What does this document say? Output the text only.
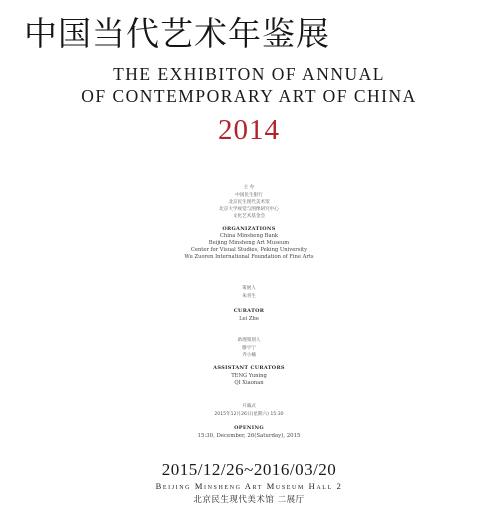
中国当代艺术年鉴展
THE EXHIBITON OF ANNUAL
OF CONTEMPORARY ART OF CHINA
2014
主 办
中国民生银行
北京民生现代美术馆
北京大学视觉与图像研究中心
文化艺术基金会
ORGANIZATIONS
China Minsheng Bank
Beijing Minsheng Art Museum
Center for Visual Studies, Peking University
Wu Zuoren International Foundation of Fine Arts
策展人
朱青生
CURATOR
Lei Zhe
助理策划人
滕宇宁
齐小楠
ASSISTANT CURATORS
TENG Yuning
QI Xiaonan
开幕式
2015年12月26日(星期六) 15:30
OPENING
15:30, December, 26(Saturday), 2015
2015/12/26~2016/03/20
Beijing Minsheng Art Museum Hall 2
北京民生现代美术馆 二展厅
